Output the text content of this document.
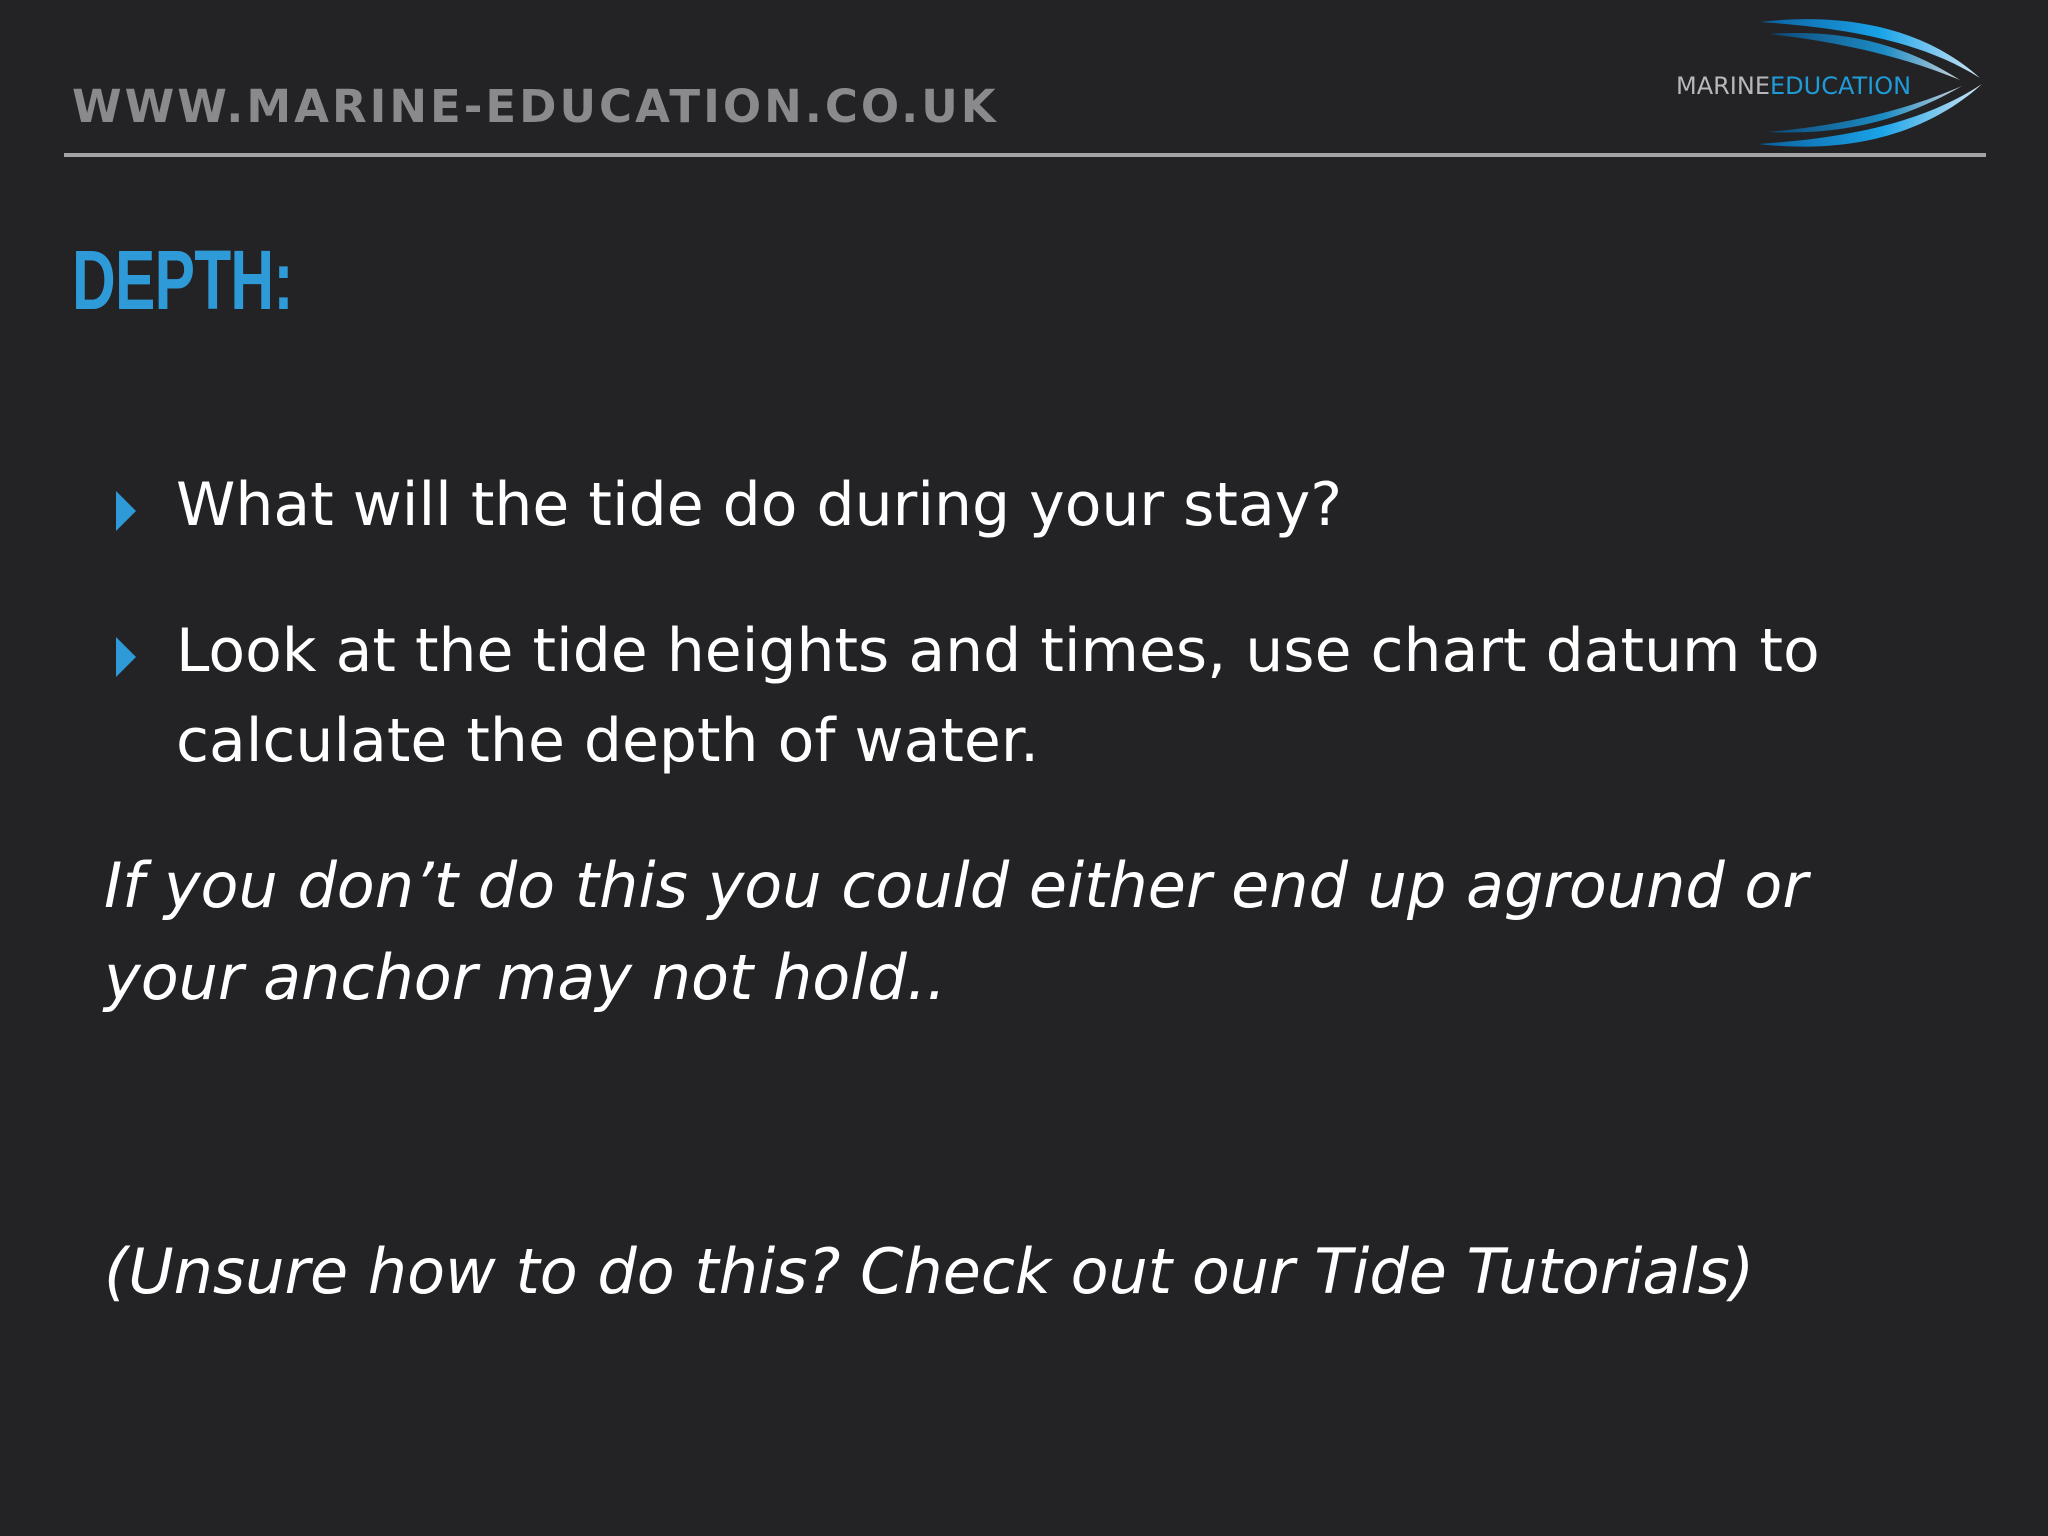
WWW.MARINE-EDUCATION.CO.UK	MARINEEDUCATION
DEPTH:
What will the tide do during your stay?
Look at the tide heights and times, use chart datum to calculate the depth of water.
If you don’t do this you could either end up aground or your anchor may not hold..
(Unsure how to do this? Check out our Tide Tutorials)
